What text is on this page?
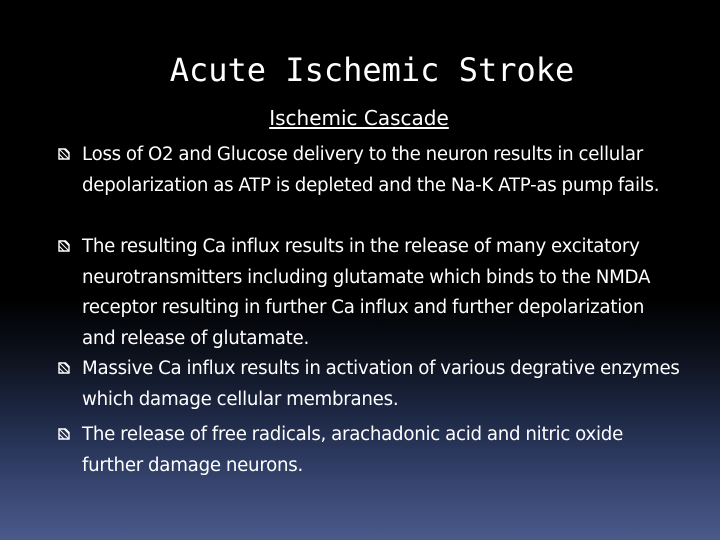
Acute Ischemic Stroke
Ischemic Cascade
Loss of O2 and Glucose delivery to the neuron results in cellular depolarization as ATP is depleted and the Na-K ATP-as pump fails.
The resulting Ca influx results in the release of many excitatory neurotransmitters including glutamate which binds to the NMDA receptor resulting in further Ca influx and further depolarization and release of glutamate.
Massive Ca influx results in activation of various degrative enzymes which damage cellular membranes.
The release of free radicals, arachadonic acid and nitric oxide further damage neurons.
